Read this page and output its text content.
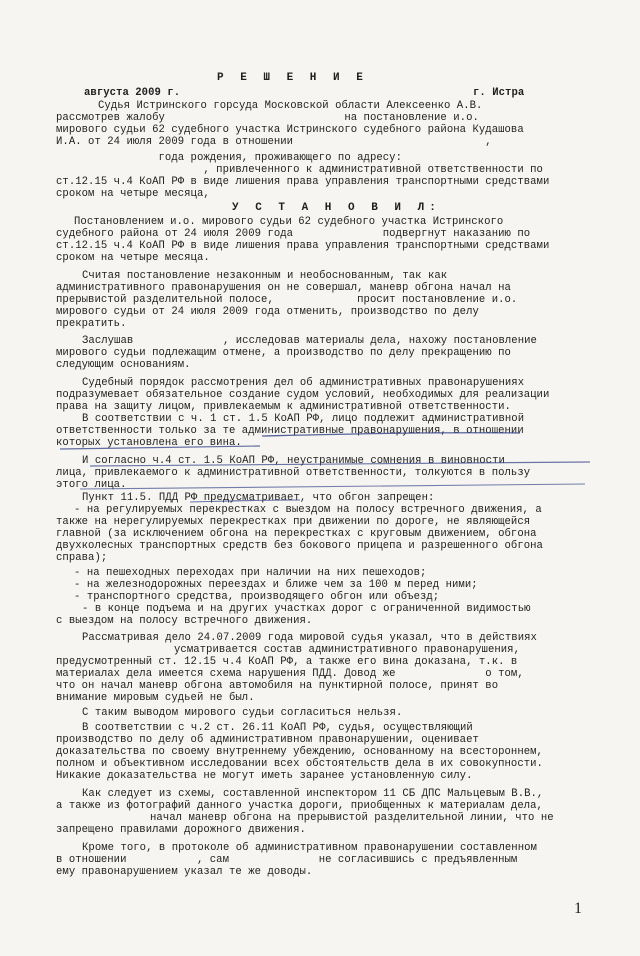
Р Е Ш Е Н И Е
августа 2009 г.	г. Истра
Судья Истринского горсуда Московской области Алексеенко А.В.
рассмотрев жалобу                            на постановление и.о.
мирового судьи 62 судебного участка Истринского судебного района Кудашова
И.А. от 24 июля 2009 года в отношении                              ,
года рождения, проживающего по адресу:
, привлеченного к административной ответственности по
ст.12.15 ч.4 КоАП РФ в виде лишения права управления транспортными средствами
сроком на четыре месяца,
У С Т А Н О В И Л:
Постановлением и.о. мирового судьи 62 судебного участка Истринского
судебного района от 24 июля 2009 года              подвергнут наказанию по
ст.12.15 ч.4 КоАП РФ в виде лишения права управления транспортными средствами
сроком на четыре месяца.
Считая постановление незаконным и необоснованным, так как
административного правонарушения он не совершал, маневр обгона начал на
прерывистой разделительной полосе,             просит постановление и.о.
мирового судьи от 24 июля 2009 года отменить, производство по делу
прекратить.
Заслушав              , исследовав материалы дела, нахожу постановление
мирового судьи подлежащим отмене, а производство по делу прекращению по
следующим основаниям.
Судебный порядок рассмотрения дел об административных правонарушениях
подразумевает обязательное создание судом условий, необходимых для реализации
права на защиту лицом, привлекаемым к административной ответственности.
В соответствии с ч. 1 ст. 1.5 КоАП РФ, лицо подлежит административной
ответственности только за те административные правонарушения, в отношении
которых установлена его вина.
И согласно ч.4 ст. 1.5 КоАП РФ, неустранимые сомнения в виновности
лица, привлекаемого к административной ответственности, толкуются в пользу
этого лица.
Пункт 11.5. ПДД РФ предусматривает, что обгон запрещен:
- на регулируемых перекрестках с выездом на полосу встречного движения, а
также на нерегулируемых перекрестках при движении по дороге, не являющейся
главной (за исключением обгона на перекрестках с круговым движением, обгона
двухколесных транспортных средств без бокового прицепа и разрешенного обгона
справа);
- на пешеходных переходах при наличии на них пешеходов;
- на железнодорожных переездах и ближе чем за 100 м перед ними;
- транспортного средства, производящего обгон или объезд;
- в конце подъема и на других участках дорог с ограниченной видимостью
с выездом на полосу встречного движения.
Рассматривая дело 24.07.2009 года мировой судья указал, что в действиях
усматривается состав административного правонарушения,
предусмотренный ст. 12.15 ч.4 КоАП РФ, а также его вина доказана, т.к. в
материалах дела имеется схема нарушения ПДД. Довод же              о том,
что он начал маневр обгона автомобиля на пунктирной полосе, принят во
внимание мировым судьей не был.
С таким выводом мирового судьи согласиться нельзя.
В соответствии с ч.2 ст. 26.11 КоАП РФ, судья, осуществляющий
производство по делу об административном правонарушении, оценивает
доказательства по своему внутреннему убеждению, основанному на всестороннем,
полном и объективном исследовании всех обстоятельств дела в их совокупности.
Никакие доказательства не могут иметь заранее установленную силу.
Как следует из схемы, составленной инспектором 11 СБ ДПС Мальцевым В.В.,
а также из фотографий данного участка дороги, приобщенных к материалам дела,
начал маневр обгона на прерывистой разделительной линии, что не
запрещено правилами дорожного движения.
Кроме того, в протоколе об административном правонарушении составленном
в отношении           , сам              не согласившись с предъявленным
ему правонарушением указал те же доводы.
1
